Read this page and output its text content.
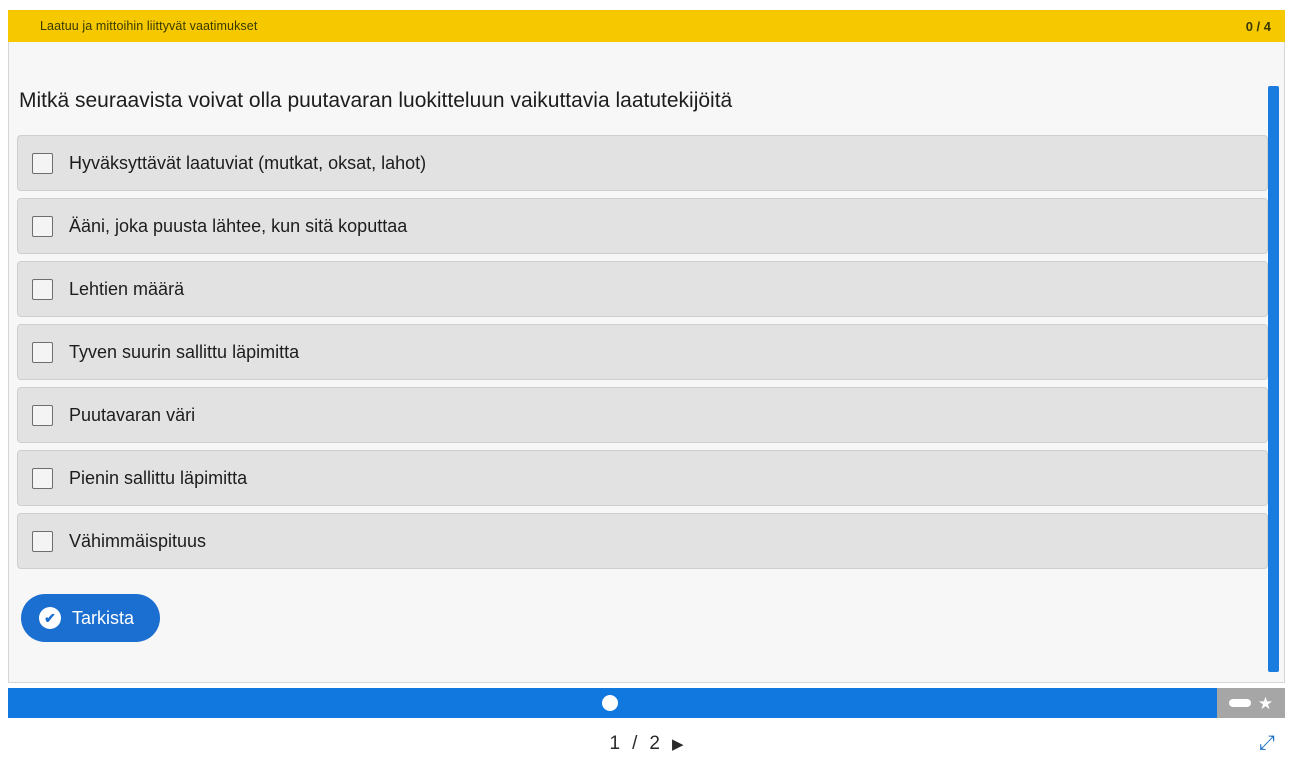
Laatuu ja mittoihin liittyvät vaatimukset	0 / 4
Mitkä seuraavista voivat olla puutavaran luokitteluun vaikuttavia laatutekijöitä
Hyväksyttävät laatuviat (mutkat, oksat, lahot)
Ääni, joka puusta lähtee, kun sitä koputtaa
Lehtien määrä
Tyven suurin sallittu läpimitta
Puutavaran väri
Pienin sallittu läpimitta
Vähimmäispituus
✔ Tarkista
★
1 / 2 ▶	⤢
